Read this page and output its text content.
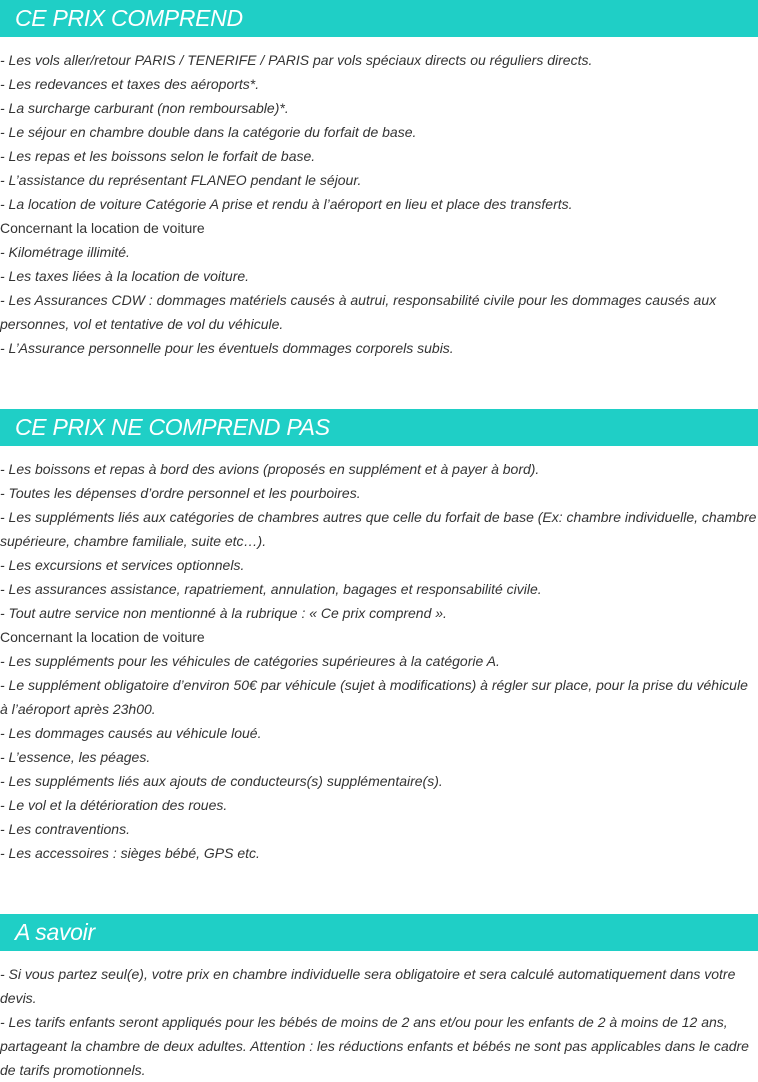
CE PRIX COMPREND

- Les vols aller/retour PARIS / TENERIFE / PARIS par vols spéciaux directs ou réguliers directs.

- Les redevances et taxes des aéroports*.

- La surcharge carburant (non remboursable)*.

- Le séjour en chambre double dans la catégorie du forfait de base.

- Les repas et les boissons selon le forfait de base.

- L’assistance du représentant FLANEO pendant le séjour.

- La location de voiture Catégorie A prise et rendu à l’aéroport en lieu et place des transferts.

Concernant la location de voiture

- Kilométrage illimité.

- Les taxes liées à la location de voiture.

- Les Assurances CDW : dommages matériels causés à autrui, responsabilité civile pour les dommages causés aux personnes, vol et tentative de vol du véhicule.

- L’Assurance personnelle pour les éventuels dommages corporels subis.

CE PRIX NE COMPREND PAS

- Les boissons et repas à bord des avions (proposés en supplément et à payer à bord).

- Toutes les dépenses d’ordre personnel et les pourboires.

- Les suppléments liés aux catégories de chambres autres que celle du forfait de base (Ex: chambre individuelle, chambre supérieure, chambre familiale, suite etc…).

- Les excursions et services optionnels.

- Les assurances assistance, rapatriement, annulation, bagages et responsabilité civile.

- Tout autre service non mentionné à la rubrique : « Ce prix comprend ».

Concernant la location de voiture

- Les suppléments pour les véhicules de catégories supérieures à la catégorie A.

- Le supplément obligatoire d’environ 50€ par véhicule (sujet à modifications) à régler sur place, pour la prise du véhicule à l’aéroport après 23h00.

- Les dommages causés au véhicule loué.

- L’essence, les péages.

- Les suppléments liés aux ajouts de conducteurs(s) supplémentaire(s).

- Le vol et la détérioration des roues.

- Les contraventions.

- Les accessoires : sièges bébé, GPS etc.

A savoir

- Si vous partez seul(e), votre prix en chambre individuelle sera obligatoire et sera calculé automatiquement dans votre devis.

- Les tarifs enfants seront appliqués pour les bébés de moins de 2 ans et/ou pour les enfants de 2 à moins de 12 ans, partageant la chambre de deux adultes. Attention : les réductions enfants et bébés ne sont pas applicables dans le cadre de tarifs promotionnels.
